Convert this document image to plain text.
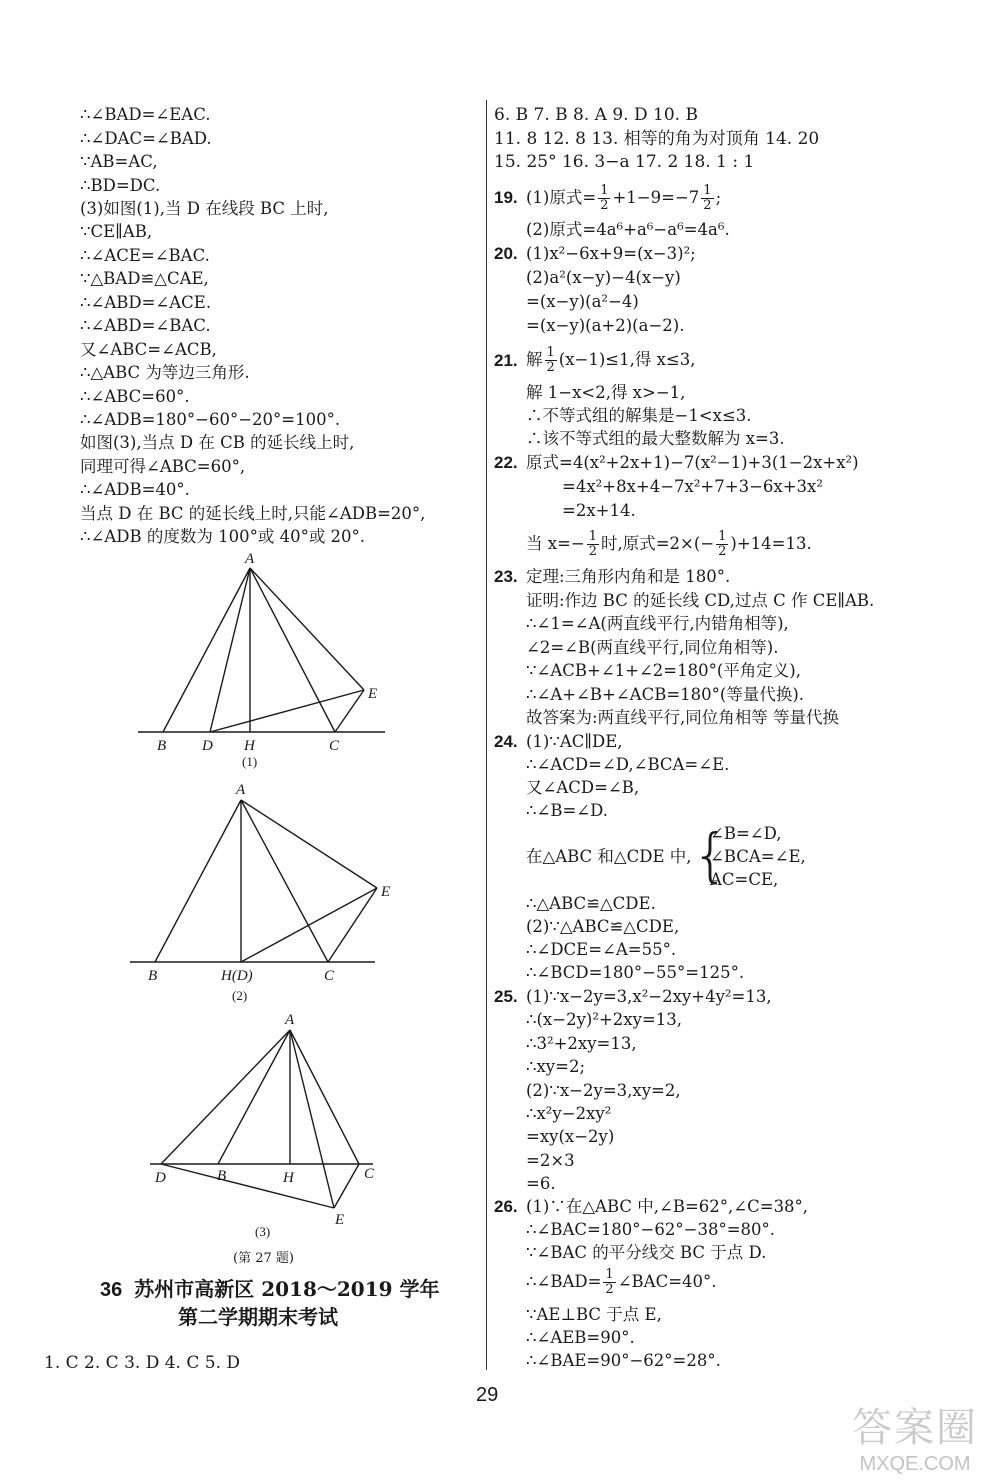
∴∠BAD=∠EAC.
∴∠DAC=∠BAD.
∵AB=AC,
∴BD=DC.
(3)如图(1),当 D 在线段 BC 上时,
∵CE∥AB,
∴∠ACE=∠BAC.
∵△BAD≌△CAE,
∴∠ABD=∠ACE.
∴∠ABD=∠BAC.
又∠ABC=∠ACB,
∴△ABC 为等边三角形.
∴∠ABC=60°.
∴∠ADB=180°−60°−20°=100°.
如图(3),当点 D 在 CB 的延长线上时,
同理可得∠ABC=60°,
∴∠ADB=40°.
当点 D 在 BC 的延长线上时,只能∠ADB=20°,
∴∠ADB 的度数为 100°或 40°或 20°.
A
B D H	C
E
(1)
A
B	H(D)	C
E
(2)
A
D	B	H	C
E
(3)
(第 27 题)
36 苏州市高新区 2018～2019 学年
第二学期期末考试
1. C 2. C 3. D 4. C 5. D
6. B 7. B 8. A 9. D 10. B
11. 8 12. 8 13. 相等的角为对顶角 14. 20
15. 25° 16. 3−a 17. 2 18. 1 : 1
19. (1)原式= $\frac{1}{2} +1-9=-7 \frac{1}{2}$ ;
(2)原式=4a⁶+a⁶−a⁶=4a⁶.
20. (1)x²−6x+9=(x−3)²;
(2)a²(x−y)−4(x−y)
=(x−y)(a²−4)
=(x−y)(a+2)(a−2).
21. 解 $\frac{1}{2} (x-1)\le 1$,得 x≤3,
解 1−x<2,得 x>−1,
∴不等式组的解集是−1<x≤3.
∴该不等式组的最大整数解为 x=3.
22. 原式=4(x²+2x+1)−7(x²−1)+3(1−2x+x²)
=4x²+8x+4−7x²+7+3−6x+3x²
=2x+14.
当 $x=- \frac{1}{2}$ 时,原式$=2\times(- \frac{1}{2} )+14=13$.
23. 定理:三角形内角和是 180°.
证明:作边 BC 的延长线 CD,过点 C 作 CE∥AB.
∴∠1=∠A(两直线平行,内错角相等),
∠2=∠B(两直线平行,同位角相等).
∵∠ACB+∠1+∠2=180°(平角定义),
∴∠A+∠B+∠ACB=180°(等量代换).
故答案为:两直线平行,同位角相等 等量代换
24. (1)∵AC∥DE,
∴∠ACD=∠D,∠BCA=∠E.
又∠ACD=∠B,
∴∠B=∠D.
在△ABC 和△CDE 中, {
∠B=∠D,
∠BCA=∠E,
AC=CE,
∴△ABC≌△CDE.
(2)∵△ABC≌△CDE,
∴∠DCE=∠A=55°.
∴∠BCD=180°−55°=125°.
25. (1)∵x−2y=3,x²−2xy+4y²=13,
∴(x−2y)²+2xy=13,
∴3²+2xy=13,
∴xy=2;
(2)∵x−2y=3,xy=2,
∴x²y−2xy²
=xy(x−2y)
=2×3
=6.
26. (1)∵在△ABC 中,∠B=62°,∠C=38°,
∴∠BAC=180°−62°−38°=80°.
∵∠BAC 的平分线交 BC 于点 D.
∴∠BAD= $\frac{1}{2}$ ∠BAC=40°.
∵AE⊥BC 于点 E,
∴∠AEB=90°.
∴∠BAE=90°−62°=28°.
29
答案圈
MXQE.COM
